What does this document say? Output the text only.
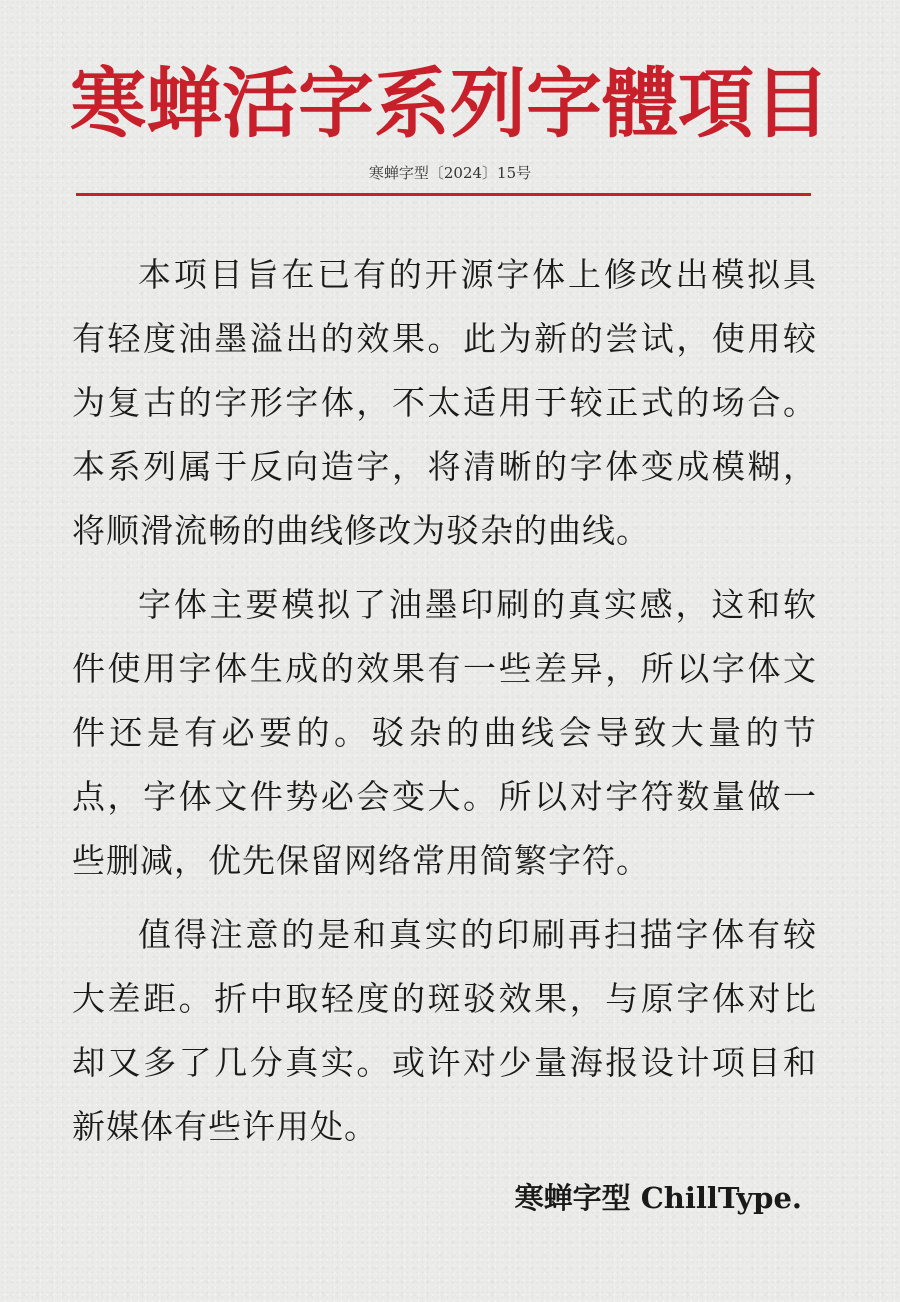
寒蝉活字系列字體項目
寒蝉字型〔2024〕15号

本项目旨在已有的开源字体上修改出模拟具有轻度油墨溢出的效果。此为新的尝试，使用较为复古的字形字体，不太适用于较正式的场合。本系列属于反向造字，将清晰的字体变成模糊，将顺滑流畅的曲线修改为驳杂的曲线。

字体主要模拟了油墨印刷的真实感，这和软件使用字体生成的效果有一些差异，所以字体文件还是有必要的。驳杂的曲线会导致大量的节点，字体文件势必会变大。所以对字符数量做一些删减，优先保留网络常用简繁字符。

值得注意的是和真实的印刷再扫描字体有较大差距。折中取轻度的斑驳效果，与原字体对比却又多了几分真实。或许对少量海报设计项目和新媒体有些许用处。

寒蝉字型 ChillType.
